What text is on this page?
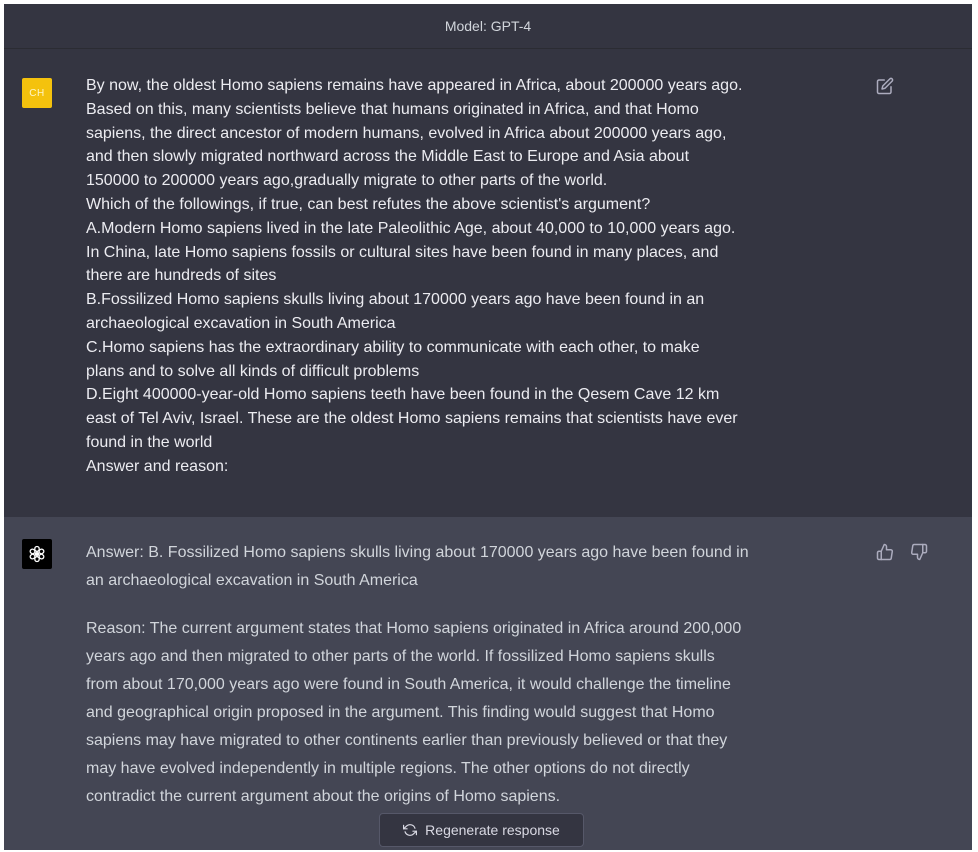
Model: GPT-4
CH	By now, the oldest Homo sapiens remains have appeared in Africa, about 200000 years ago.
Based on this, many scientists believe that humans originated in Africa, and that Homo
sapiens, the direct ancestor of modern humans, evolved in Africa about 200000 years ago,
and then slowly migrated northward across the Middle East to Europe and Asia about
150000 to 200000 years ago,gradually migrate to other parts of the world.
Which of the followings, if true, can best refutes the above scientist's argument?
A.Modern Homo sapiens lived in the late Paleolithic Age, about 40,000 to 10,000 years ago.
In China, late Homo sapiens fossils or cultural sites have been found in many places, and
there are hundreds of sites
B.Fossilized Homo sapiens skulls living about 170000 years ago have been found in an
archaeological excavation in South America
C.Homo sapiens has the extraordinary ability to communicate with each other, to make
plans and to solve all kinds of difficult problems
D.Eight 400000-year-old Homo sapiens teeth have been found in the Qesem Cave 12 km
east of Tel Aviv, Israel. These are the oldest Homo sapiens remains that scientists have ever
found in the world
Answer and reason:
Answer: B. Fossilized Homo sapiens skulls living about 170000 years ago have been found in
an archaeological excavation in South America
Reason: The current argument states that Homo sapiens originated in Africa around 200,000
years ago and then migrated to other parts of the world. If fossilized Homo sapiens skulls
from about 170,000 years ago were found in South America, it would challenge the timeline
and geographical origin proposed in the argument. This finding would suggest that Homo
sapiens may have migrated to other continents earlier than previously believed or that they
may have evolved independently in multiple regions. The other options do not directly
contradict the current argument about the origins of Homo sapiens.
Regenerate response
